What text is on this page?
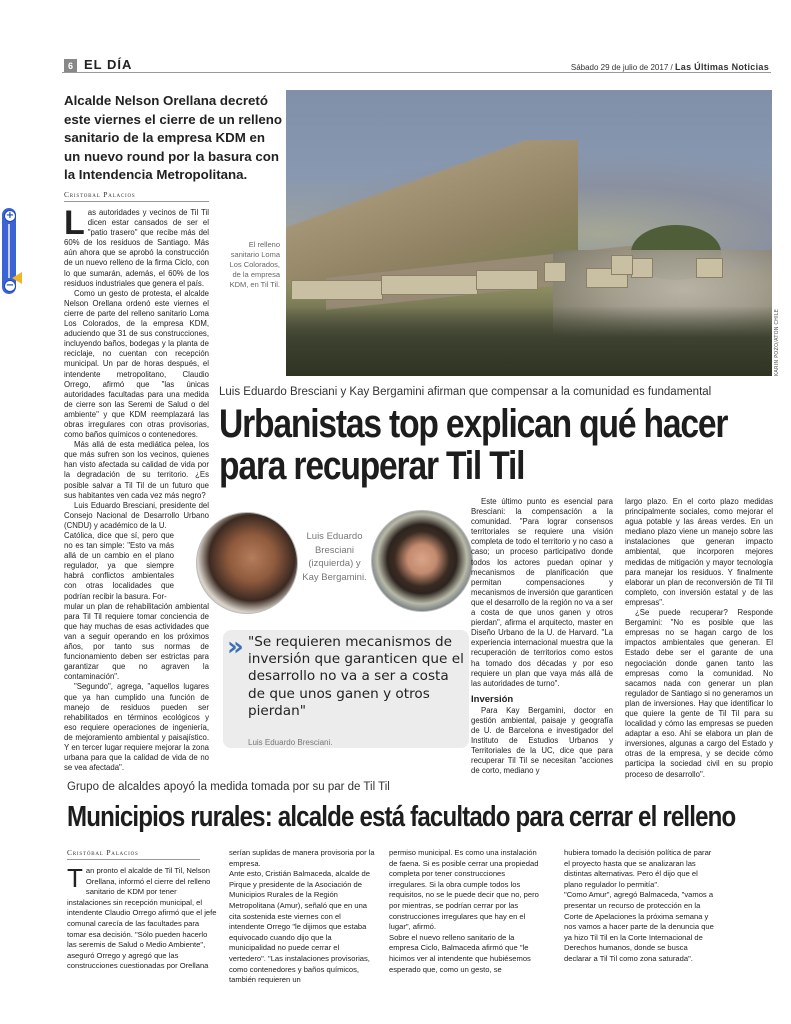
+
−
6 EL DÍA	Sábado 29 de julio de 2017 / Las Últimas Noticias
Alcalde Nelson Orellana decretó este viernes el cierre de un relleno sanitario de la empresa KDM en un nuevo round por la basura con la Intendencia Metropolitana.
Cristobal Palacios

Las autoridades y vecinos de Til Til dicen estar cansados de ser el "patio trasero" que recibe más del 60% de los residuos de Santiago. Más aún ahora que se aprobó la construcción de un nuevo relleno de la firma Ciclo, con lo que sumarán, además, el 60% de los residuos industriales que genera el país.

Como un gesto de protesta, el alcalde Nelson Orellana ordenó este viernes el cierre de parte del relleno sanitario Loma Los Colorados, de la empresa KDM, aduciendo que 31 de sus construcciones, incluyendo baños, bodegas y la planta de reciclaje, no cuentan con recepción municipal. Un par de horas después, el intendente metropolitano, Claudio Orrego, afirmó que "las únicas autoridades facultadas para una medida de cierre son las Seremi de Salud o del ambiente" y que KDM reemplazará las obras irregulares con otras provisorias, como baños químicos o contenedores.

Más allá de esta mediática pelea, los que más sufren son los vecinos, quienes han visto afectada su calidad de vida por la degradación de su territorio. ¿Es posible salvar a Til Til de un futuro que sus habitantes ven cada vez más negro?

Luis Eduardo Bresciani, presidente del Consejo Nacional de Desarrollo Urbano (CNDU) y académico de la U.

Católica, dice que sí, pero que no es tan simple: "Esto va más allá de un cambio en el plano regulador, ya que siempre habrá conflictos ambientales con otras localidades que podrían recibir la basura. For-

mular un plan de rehabilitación ambiental para Til Til requiere tomar conciencia de que hay muchas de esas actividades que van a seguir operando en los próximos años, por tanto sus normas de funcionamiento deben ser estrictas para garantizar que no agraven la contaminación".

"Segundo", agrega, "aquellos lugares que ya han cumplido una función de manejo de residuos pueden ser rehabilitados en términos ecológicos y eso requiere operaciones de ingeniería, de mejoramiento ambiental y paisajístico. Y en tercer lugar requiere mejorar la zona urbana para que la calidad de vida de no se vea afectada".

El relleno sanitario Loma Los Colorados, de la empresa KDM, en Til Til.
KARIN POZO/ATON CHILE
Luis Eduardo Bresciani y Kay Bergamini afirman que compensar a la comunidad es fundamental
Urbanistas top explican qué hacer para recuperar Til Til
Luis Eduardo Bresciani (izquierda) y Kay Bergamini.
» "Se requieren mecanismos de inversión que garanticen que el desarrollo no va a ser a costa de que unos ganen y otros pierdan"
Luis Eduardo Bresciani.

Este último punto es esencial para Bresciani: la compensación a la comunidad. "Para lograr consensos territoriales se requiere una visión completa de todo el territorio y no caso a caso; un proceso participativo donde todos los actores puedan opinar y mecanismos de planificación que permitan compensaciones y mecanismos de inversión que garanticen que el desarrollo de la región no va a ser a costa de que unos ganen y otros pierdan", afirma el arquitecto, master en Diseño Urbano de la U. de Harvard. "La experiencia internacional muestra que la recuperación de territorios como estos ha tomado dos décadas y por eso requiere un plan que vaya más allá de las autoridades de turno".

Inversión

Para Kay Bergamini, doctor en gestión ambiental, paisaje y geografía de U. de Barcelona e investigador del Instituto de Estudios Urbanos y Territoriales de la UC, dice que para recuperar Til Til se necesitan "acciones de corto, mediano y

largo plazo. En el corto plazo medidas principalmente sociales, como mejorar el agua potable y las áreas verdes. En un mediano plazo viene un manejo sobre las instalaciones que generan impacto ambiental, que incorporen mejores medidas de mitigación y mayor tecnología para manejar los residuos. Y finalmente elaborar un plan de reconversión de Til Til completo, con inversión estatal y de las empresas".

¿Se puede recuperar? Responde Bergamini: "No es posible que las empresas no se hagan cargo de los impactos ambientales que generan. El Estado debe ser el garante de una negociación donde ganen tanto las empresas como la comunidad. No sacamos nada con generar un plan regulador de Santiago si no generamos un plan de inversiones. Hay que identificar lo que quiere la gente de Til Til para su localidad y cómo las empresas se pueden adaptar a eso. Ahí se elabora un plan de inversiones, algunas a cargo del Estado y otras de la empresa, y se decide cómo participa la sociedad civil en su propio proceso de desarrollo".

Grupo de alcaldes apoyó la medida tomada por su par de Til Til
Municipios rurales: alcalde está facultado para cerrar el relleno
Cristóbal Palacios

Tan pronto el alcalde de Til Til, Nelson Orellana, informó el cierre del relleno sanitario de KDM por tener instalaciones sin recepción municipal, el intendente Claudio Orrego afirmó que el jefe comunal carecía de las facultades para tomar esa decisión. "Sólo pueden hacerlo las seremis de Salud o Medio Ambiente", aseguró Orrego y agregó que las construcciones cuestionadas por Orellana

serían suplidas de manera provisoria por la empresa.

Ante esto, Cristián Balmaceda, alcalde de Pirque y presidente de la Asociación de Municipios Rurales de la Región Metropolitana (Amur), señaló que en una cita sostenida este viernes con el intendente Orrego "le dijimos que estaba equivocado cuando dijo que la municipalidad no puede cerrar el vertedero". "Las instalaciones provisorias, como contenedores y baños químicos, también requieren un

permiso municipal. Es como una instalación de faena. Si es posible cerrar una propiedad completa por tener construcciones irregulares. Si la obra cumple todos los requisitos, no se le puede decir que no, pero por mientras, se podrían cerrar por las construcciones irregulares que hay en el lugar", afirmó.

Sobre el nuevo relleno sanitario de la empresa Ciclo, Balmaceda afirmó que "le hicimos ver al intendente que hubiésemos esperado que, como un gesto, se

hubiera tomado la decisión política de parar el proyecto hasta que se analizaran las distintas alternativas. Pero él dijo que el plano regulador lo permitía".

"Como Amur", agregó Balmaceda, "vamos a presentar un recurso de protección en la Corte de Apelaciones la próxima semana y nos vamos a hacer parte de la denuncia que ya hizo Til Til en la Corte Internacional de Derechos humanos, donde se busca declarar a Til Til como zona saturada".
